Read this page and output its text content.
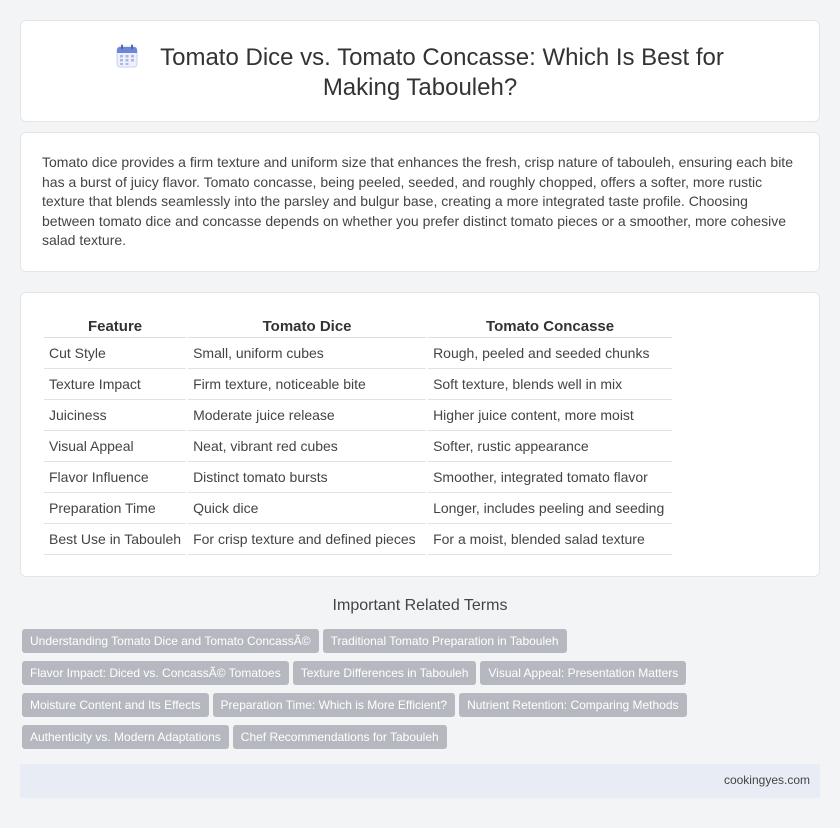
Tomato Dice vs. Tomato Concasse: Which Is Best for Making Tabouleh?

Tomato dice provides a firm texture and uniform size that enhances the fresh, crisp nature of tabouleh, ensuring each bite has a burst of juicy flavor. Tomato concasse, being peeled, seeded, and roughly chopped, offers a softer, more rustic texture that blends seamlessly into the parsley and bulgur base, creating a more integrated taste profile. Choosing between tomato dice and concasse depends on whether you prefer distinct tomato pieces or a smoother, more cohesive salad texture.

Feature	Tomato Dice	Tomato Concasse
Cut Style	Small, uniform cubes	Rough, peeled and seeded chunks
Texture Impact	Firm texture, noticeable bite	Soft texture, blends well in mix
Juiciness	Moderate juice release	Higher juice content, more moist
Visual Appeal	Neat, vibrant red cubes	Softer, rustic appearance
Flavor Influence	Distinct tomato bursts	Smoother, integrated tomato flavor
Preparation Time	Quick dice	Longer, includes peeling and seeding
Best Use in Tabouleh	For crisp texture and defined pieces	For a moist, blended salad texture
Important Related Terms
Understanding Tomato Dice and Tomato ConcassÃ© Traditional Tomato Preparation in Tabouleh
Flavor Impact: Diced vs. ConcassÃ© Tomatoes Texture Differences in Tabouleh Visual Appeal: Presentation Matters
Moisture Content and Its Effects Preparation Time: Which is More Efficient? Nutrient Retention: Comparing Methods
Authenticity vs. Modern Adaptations Chef Recommendations for Tabouleh
cookingyes.com
